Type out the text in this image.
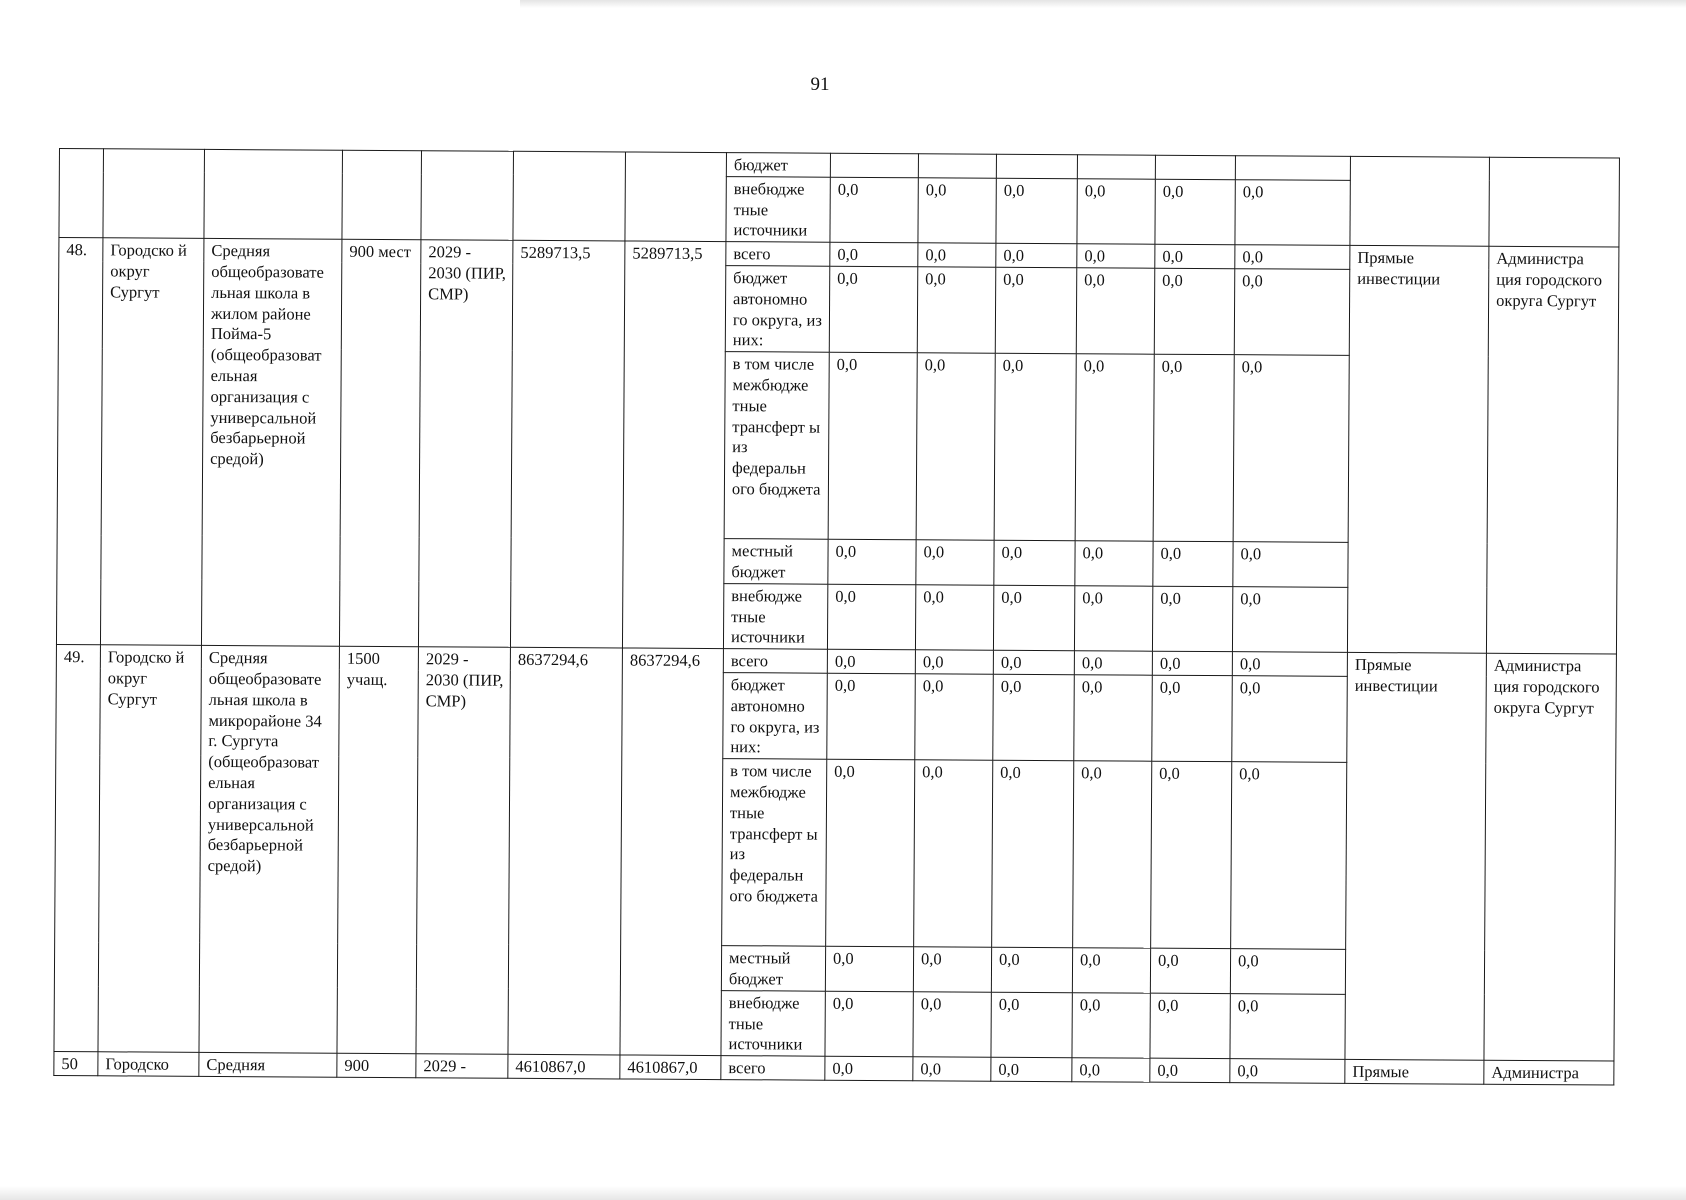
91
							бюджет								
							внебюдже тные источники	0,0	0,0	0,0	0,0	0,0	0,0		
48.	Городско й округ Сургут	Средняя общеобразовате льная школа в жилом районе Пойма-5 (общеобразоват ельная организация с универсальной безбарьерной средой)	900 мест	2029 - 2030 (ПИР, СМР)	5289713,5	5289713,5	всего	0,0	0,0	0,0	0,0	0,0	0,0	Прямые инвестиции	Администра ция городского округа Сургут
							бюджет автономно го округа, из них:	0,0	0,0	0,0	0,0	0,0	0,0		
							в том числе межбюдже тные трансферт ы из федеральн ого бюджета	0,0	0,0	0,0	0,0	0,0	0,0		
							местный бюджет	0,0	0,0	0,0	0,0	0,0	0,0		
							внебюдже тные источники	0,0	0,0	0,0	0,0	0,0	0,0		
49.	Городско й округ Сургут	Средняя общеобразовате льная школа в микрорайоне 34 г. Сургута (общеобразоват ельная организация с универсальной безбарьерной средой)	1500 учащ.	2029 - 2030 (ПИР, СМР)	8637294,6	8637294,6	всего	0,0	0,0	0,0	0,0	0,0	0,0	Прямые инвестиции	Администра ция городского округа Сургут
							бюджет автономно го округа, из них:	0,0	0,0	0,0	0,0	0,0	0,0		
							в том числе межбюдже тные трансферт ы из федеральн ого бюджета	0,0	0,0	0,0	0,0	0,0	0,0		
							местный бюджет	0,0	0,0	0,0	0,0	0,0	0,0		
							внебюдже тные источники	0,0	0,0	0,0	0,0	0,0	0,0		
50	Городско	Средняя	900	2029 -	4610867,0	4610867,0	всего	0,0	0,0	0,0	0,0	0,0	0,0	Прямые	Администра
